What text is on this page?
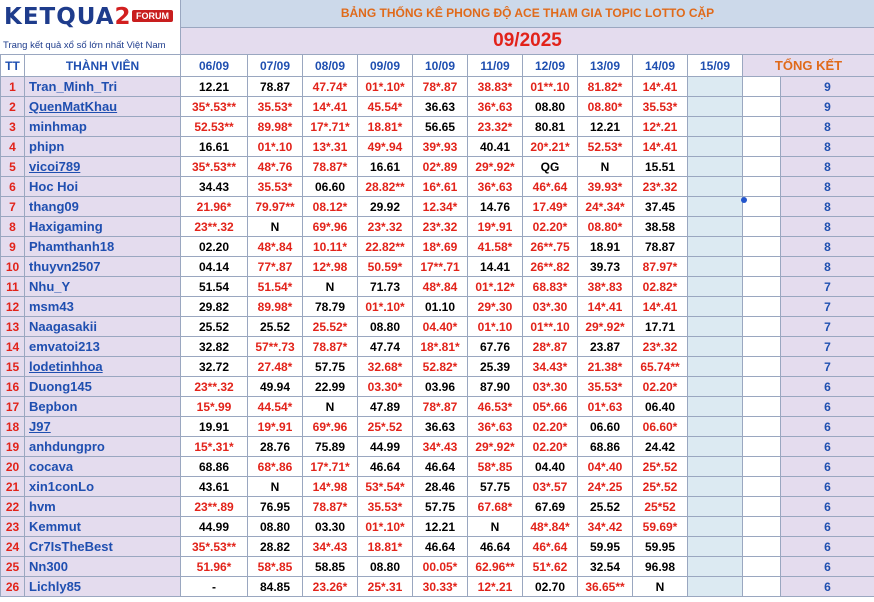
KETQUA2 FORUM
Trang kết quả xổ số lớn nhất Việt Nam
BẢNG THỐNG KÊ PHONG ĐỘ ACE THAM GIA TOPIC LOTTO CẶP
09/2025
TT	THÀNH VIÊN	06/09	07/09	08/09	09/09	10/09	11/09	12/09	13/09	14/09	15/09	TỔNG KẾT	
1	Tran_Minh_Tri	12.21	78.87	47.74*	01*.10*	78*.87	38.83*	01**.10	81.82*	14*.41			9
2	QuenMatKhau	35*.53**	35.53*	14*.41	45.54*	36.63	36*.63	08.80	08.80*	35.53*			9
3	minhmap	52.53**	89.98*	17*.71*	18.81*	56.65	23.32*	80.81	12.21	12*.21			8
4	phipn	16.61	01*.10	13*.31	49*.94	39*.93	40.41	20*.21*	52.53*	14*.41			8
5	vicoi789	35*.53**	48*.76	78.87*	16.61	02*.89	29*.92*	QG	N	15.51			8
6	Hoc Hoi	34.43	35.53*	06.60	28.82**	16*.61	36*.63	46*.64	39.93*	23*.32			8
7	thang09	21.96*	79.97**	08.12*	29.92	12.34*	14.76	17.49*	24*.34*	37.45			8
8	Haxigaming	23**.32	N	69*.96	23*.32	23*.32	19*.91	02.20*	08.80*	38.58			8
9	Phamthanh18	02.20	48*.84	10.11*	22.82**	18*.69	41.58*	26**.75	18.91	78.87			8
10	thuyvn2507	04.14	77*.87	12*.98	50.59*	17**.71	14.41	26**.82	39.73	87.97*			8
11	Nhu_Y	51.54	51.54*	N	71.73	48*.84	01*.12*	68.83*	38*.83	02.82*			7
12	msm43	29.82	89.98*	78.79	01*.10*	01.10	29*.30	03*.30	14*.41	14*.41			7
13	Naagasakii	25.52	25.52	25.52*	08.80	04.40*	01*.10	01**.10	29*.92*	17.71			7
14	emvatoi213	32.82	57**.73	78.87*	47.74	18*.81*	67.76	28*.87	23.87	23*.32			7
15	lodetinhhoa	32.72	27.48*	57.75	32.68*	52.82*	25.39	34.43*	21.38*	65.74**			7
16	Duong145	23**.32	49.94	22.99	03.30*	03.96	87.90	03*.30	35.53*	02.20*			6
17	Bepbon	15*.99	44.54*	N	47.89	78*.87	46.53*	05*.66	01*.63	06.40			6
18	J97	19.91	19*.91	69*.96	25*.52	36.63	36*.63	02.20*	06.60	06.60*			6
19	anhdungpro	15*.31*	28.76	75.89	44.99	34*.43	29*.92*	02.20*	68.86	24.42			6
20	cocava	68.86	68*.86	17*.71*	46.64	46.64	58*.85	04.40	04*.40	25*.52			6
21	xin1conLo	43.61	N	14*.98	53*.54*	28.46	57.75	03*.57	24*.25	25*.52			6
22	hvm	23**.89	76.95	78.87*	35.53*	57.75	67.68*	67.69	25.52	25*52			6
23	Kemmut	44.99	08.80	03.30	01*.10*	12.21	N	48*.84*	34*.42	59.69*			6
24	Cr7IsTheBest	35*.53**	28.82	34*.43	18.81*	46.64	46.64	46*.64	59.95	59.95			6
25	Nn300	51.96*	58*.85	58.85	08.80	00.05*	62.96**	51*.62	32.54	96.98			6
26	Lichly85	-	84.85	23.26*	25*.31	30.33*	12*.21	02.70	36.65**	N			6
